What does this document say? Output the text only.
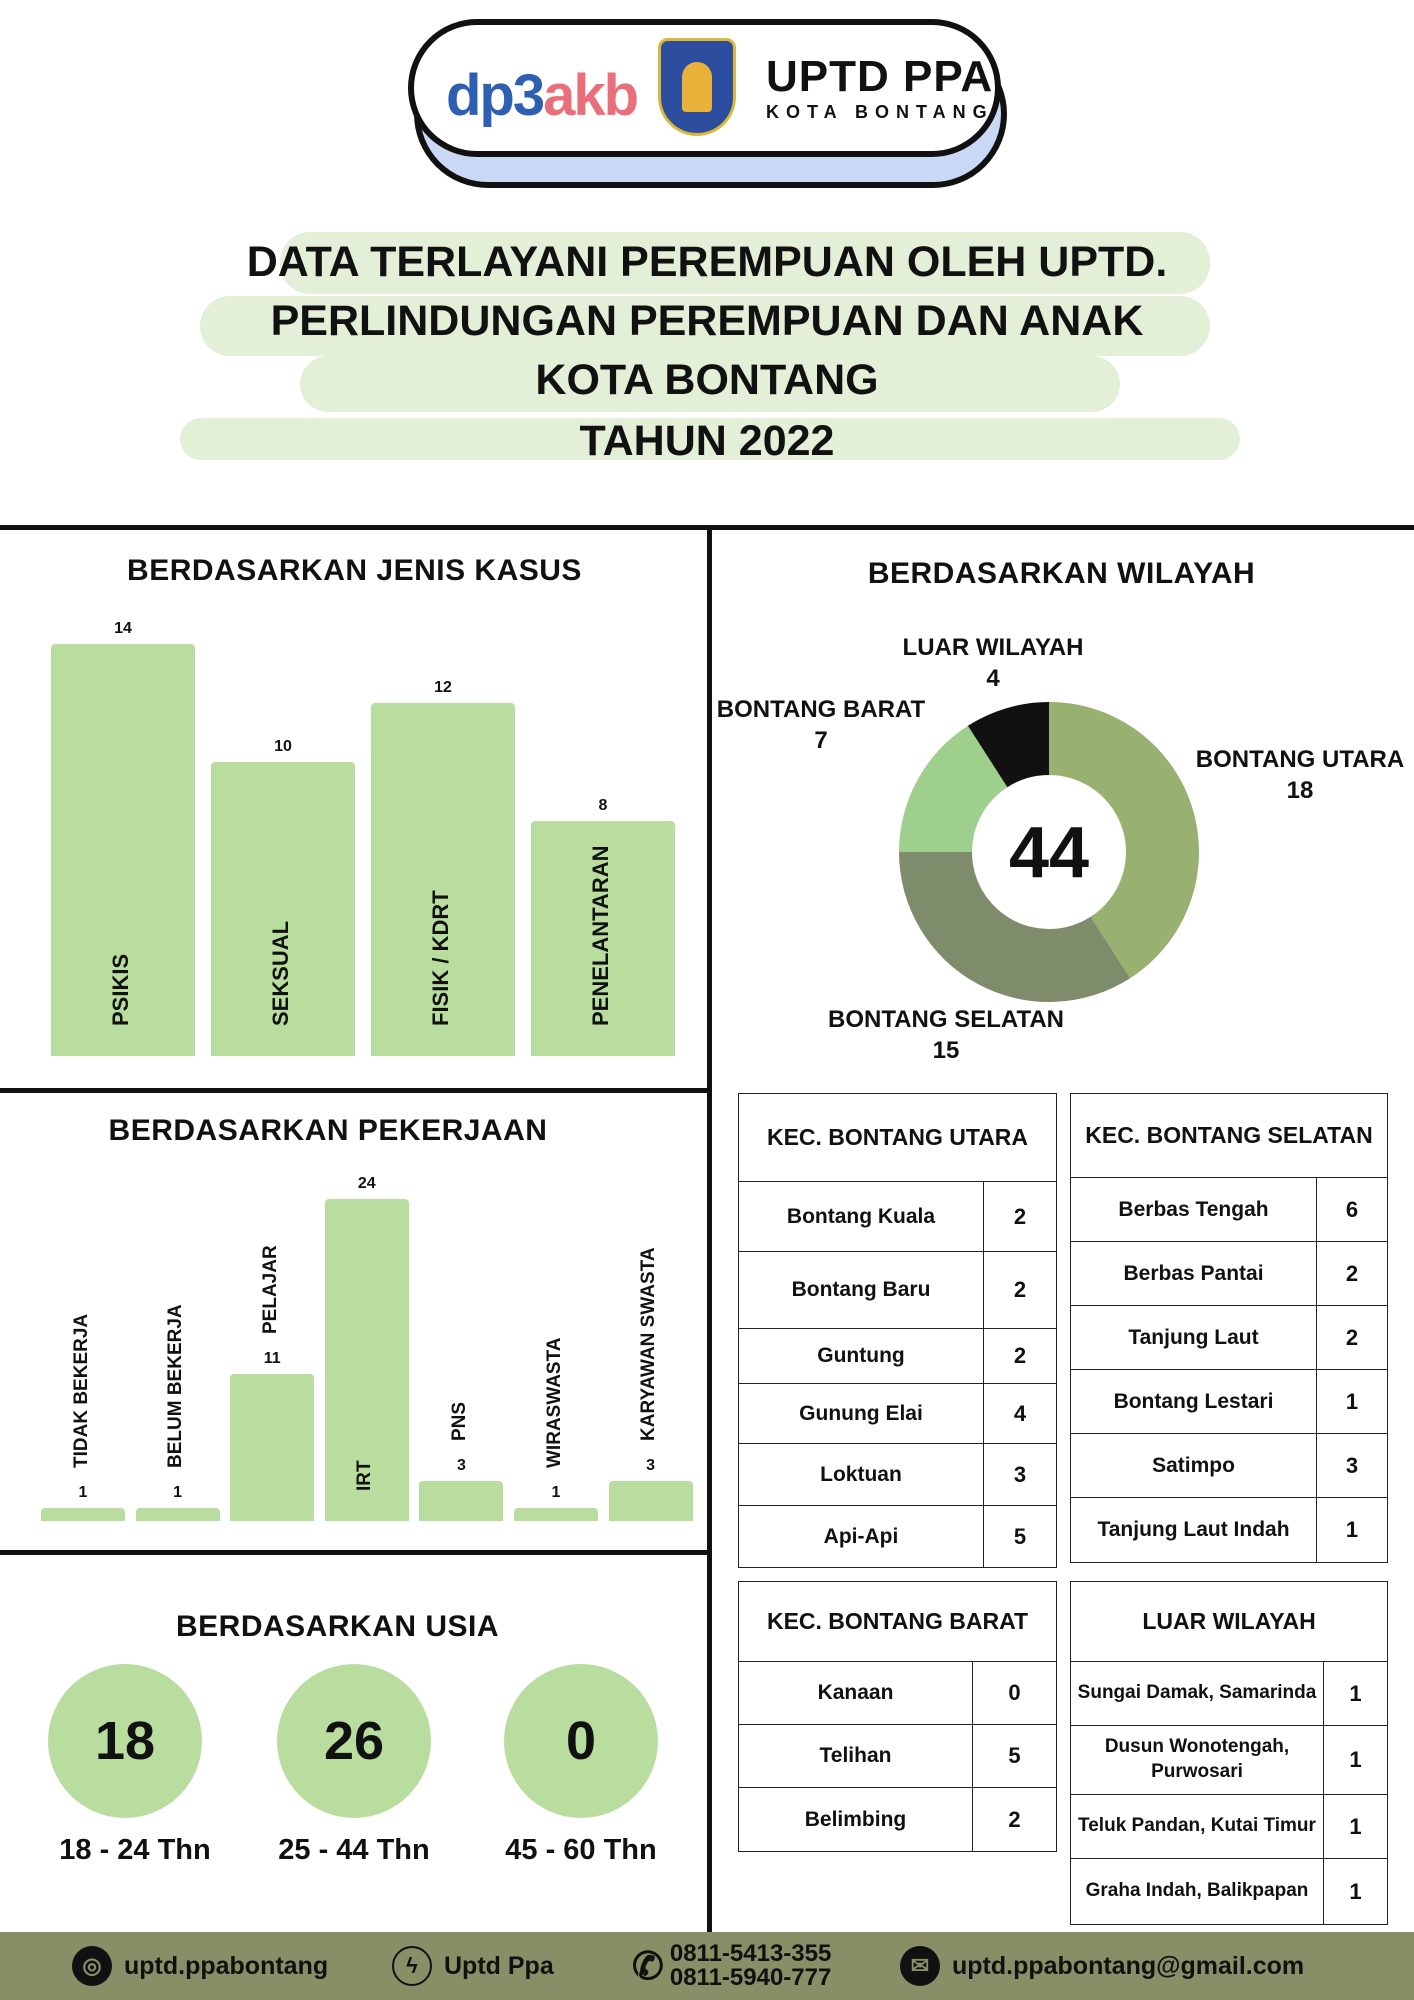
dp3akb	UPTD PPA
KOTA BONTANG
DATA TERLAYANI PEREMPUAN OLEH UPTD.
PERLINDUNGAN PEREMPUAN DAN ANAK
KOTA BONTANG
TAHUN 2022
BERDASARKAN JENIS KASUS
BERDASARKAN PEKERJAAN
BERDASARKAN USIA
BERDASARKAN WILAYAH
44
◎ uptd.ppabontang	ϟ	Uptd Ppa ✆ 0811-5413-355
0811-5940-777	✉ uptd.ppabontang@gmail.com
PSIKIS
14
SEKSUAL
10
FISIK / KDRT
12
PENELANTARAN
8
TIDAK BEKERJA
1
BELUM BEKERJA
1
PELAJAR
11
IRT
24
PNS
3	WIRASWASTA
1
KARYAWAN SWASTA
3
18
18 - 24 Thn
26
25 - 44 Thn
0
45 - 60 Thn
BONTANG UTARA
18
BONTANG SELATAN
15
BONTANG BARAT
7
LUAR WILAYAH
4
KEC. BONTANG UTARA
Bontang Kuala	2
Bontang Baru	2
Guntung	2
Gunung Elai	4
Loktuan	3
Api-Api	5
KEC. BONTANG SELATAN
Berbas Tengah	6
Berbas Pantai	2
Tanjung Laut	2
Bontang Lestari	1
Satimpo	3
Tanjung Laut Indah	1
KEC. BONTANG BARAT
Kanaan	0
Telihan	5
Belimbing	2
LUAR WILAYAH
Sungai Damak, Samarinda	1
Dusun Wonotengah, Purwosari	1
Teluk Pandan, Kutai Timur	1
Graha Indah, Balikpapan	1
